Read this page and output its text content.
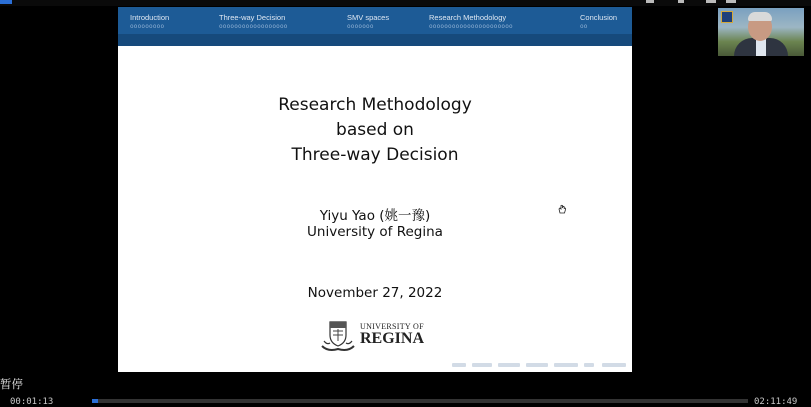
Introduction
ooooooooo
Three-way Decision
oooooooooooooooooo
SMV spaces
ooooooo
Research Methodology
oooooooooooooooooooooo
Conclusion
oo
Research Methodology
based on
Three-way Decision
Yiyu Yao (姚一豫)
University of Regina
November 27, 2022
UNIVERSITY OF
REGINA
暂停
00:01:13	02:11:49
